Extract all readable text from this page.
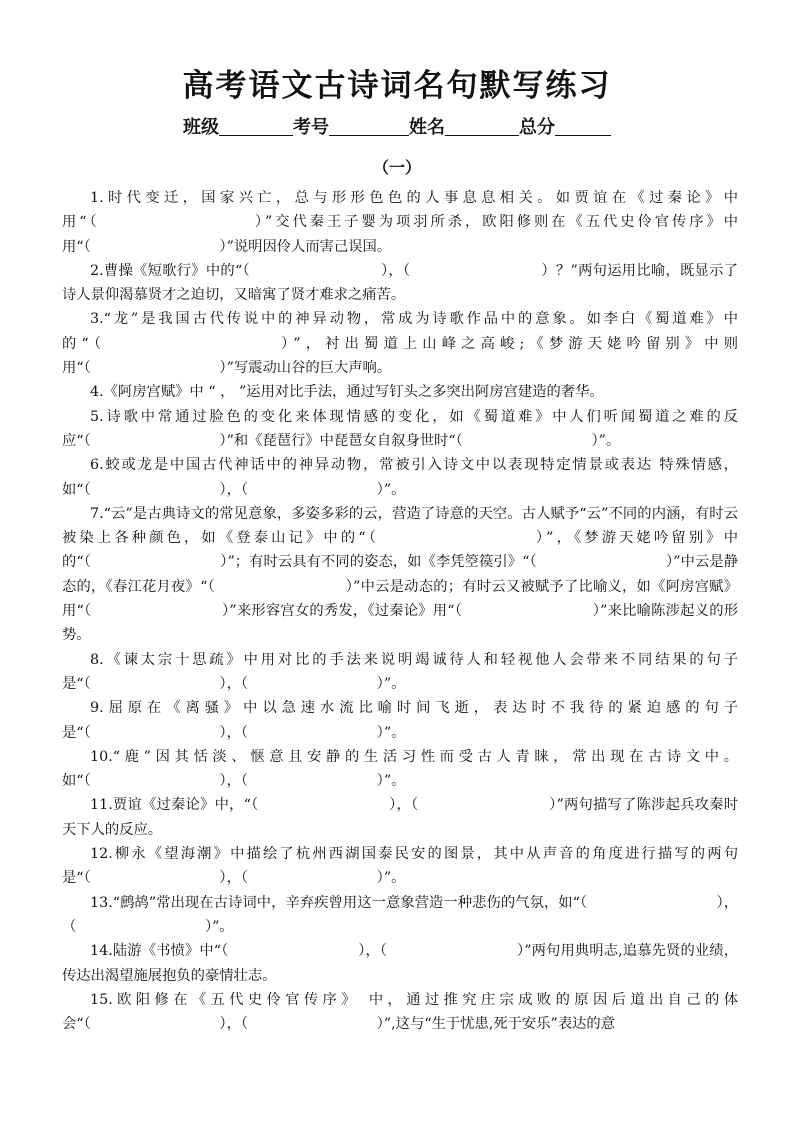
高考语文古诗词名句默写练习
班级	考号	姓名	总分
（一）

1.时代变迁，国家兴亡，总与形形色色的人事息息相关。如贾谊在《过秦论》中用“（　　　　　　　　　）”交代秦王子婴为项羽所杀，欧阳修则在《五代史伶官传序》中用“（　　　　　　　　　）”说明因伶人而害己误国。

2.曹操《短歌行》中的“（　　　　　　　　　），（　　　　　　　　　）？”两句运用比喻，既显示了诗人景仰渴慕贤才之迫切，又暗寓了贤才难求之痛苦。

3.“龙”是我国古代传说中的神异动物，常成为诗歌作品中的意象。如李白《蜀道难》中的“（　　　　　　　　　）”，衬出蜀道上山峰之高峻;《梦游天姥吟留别》中则用“（　　　　　　　　　）”写震动山谷的巨大声响。

4.《阿房宫赋》中 “ ， ”运用对比手法，通过写钉头之多突出阿房宫建造的奢华。

5.诗歌中常通过脸色的变化来体现情感的变化，如《蜀道难》中人们听闻蜀道之难的反应“（　　　　　　　　　）”和《琵琶行》中琵琶女自叙身世时“（　　　　　　　　　）”。

6.蛟或龙是中国古代神话中的神异动物，常被引入诗文中以表现特定情景或表达 特殊情感，如“（　　　　　　　　　），（　　　　　　　　　）”。

7.“云”是古典诗文的常见意象，多姿多彩的云，营造了诗意的天空。古人赋予“云”不同的内涵，有时云被染上各种颜色，如《登泰山记》中的“（　　　　　　　　　）”，《梦游天姥吟留别》中的“（　　　　　　　　　）”；有时云具有不同的姿态，如《李凭箜篌引》“（　　　　　　　　　）”中云是静态的，《春江花月夜》“（　　　　　　　　　）”中云是动态的；有时云又被赋予了比喻义，如《阿房宫赋》用“（　　　　　　　　　）”来形容宫女的秀发，《过秦论》用“（　　　　　　　　　）”来比喻陈涉起义的形势。

8.《谏太宗十思疏》中用对比的手法来说明竭诚待人和轻视他人会带来不同结果的句子是“（　　　　　　　　　），（　　　　　　　　　）”。

9.屈原在《离骚》中以急速水流比喻时间飞逝，表达时不我待的紧迫感的句子是“（　　　　　　　　　），（　　　　　　　　　）”。

10.“鹿”因其恬淡、惬意且安静的生活习性而受古人青睐，常出现在古诗文中。如“（　　　　　　　　　），（　　　　　　　　　）”。

11.贾谊《过秦论》中，“（　　　　　　　　　），（　　　　　　　　　）”两句描写了陈涉起兵攻秦时天下人的反应。

12.柳永《望海潮》中描绘了杭州西湖国泰民安的图景，其中从声音的角度进行描写的两句是“（　　　　　　　　　），（　　　　　　　　　）”。

13.“鹧鸪”常出现在古诗词中，辛弃疾曾用这一意象营造一种悲伤的气氛，如“（　　　　　　　　　），（　　　　　　　　　）”。

14.陆游《书愤》中“（　　　　　　　　　），（　　　　　　　　　）”两句用典明志,追慕先贤的业绩，传达出渴望施展抱负的豪情壮志。

15.欧阳修在《五代史伶官传序》 中，通过推究庄宗成败的原因后道出自己的体会“（　　　　　　　　　），（　　　　　　　　　）”,这与“生于忧患,死于安乐”表达的意
